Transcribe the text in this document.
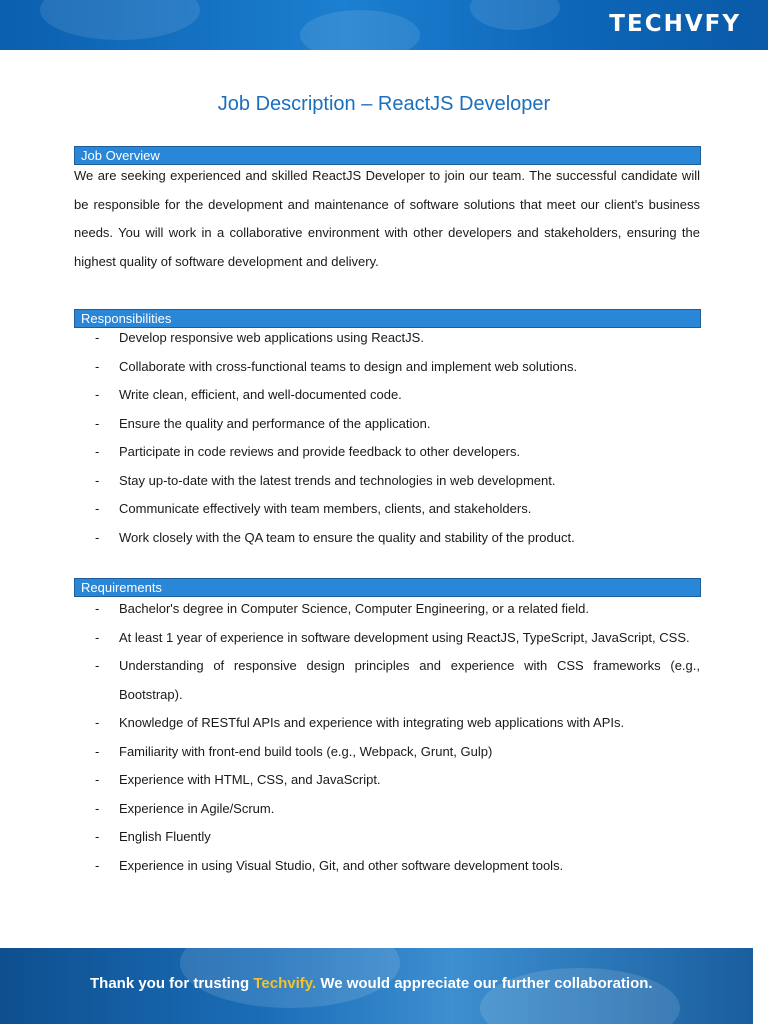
TECHVFY
Job Description – ReactJS Developer
Job Overview
We are seeking experienced and skilled ReactJS Developer to join our team. The successful candidate will be responsible for the development and maintenance of software solutions that meet our client's business needs. You will work in a collaborative environment with other developers and stakeholders, ensuring the highest quality of software development and delivery.
Responsibilities
- Develop responsive web applications using ReactJS.
- Collaborate with cross-functional teams to design and implement web solutions.
- Write clean, efficient, and well-documented code.
- Ensure the quality and performance of the application.
- Participate in code reviews and provide feedback to other developers.
- Stay up-to-date with the latest trends and technologies in web development.
- Communicate effectively with team members, clients, and stakeholders.
- Work closely with the QA team to ensure the quality and stability of the product.
Requirements
- Bachelor's degree in Computer Science, Computer Engineering, or a related field.
- At least 1 year of experience in software development using ReactJS, TypeScript, JavaScript, CSS.
- Understanding of responsive design principles and experience with CSS frameworks (e.g., Bootstrap).
- Knowledge of RESTful APIs and experience with integrating web applications with APIs.
- Familiarity with front-end build tools (e.g., Webpack, Grunt, Gulp)
- Experience with HTML, CSS, and JavaScript.
- Experience in Agile/Scrum.
- English Fluently
- Experience in using Visual Studio, Git, and other software development tools.
Thank you for trusting Techvify. We would appreciate our further collaboration.
